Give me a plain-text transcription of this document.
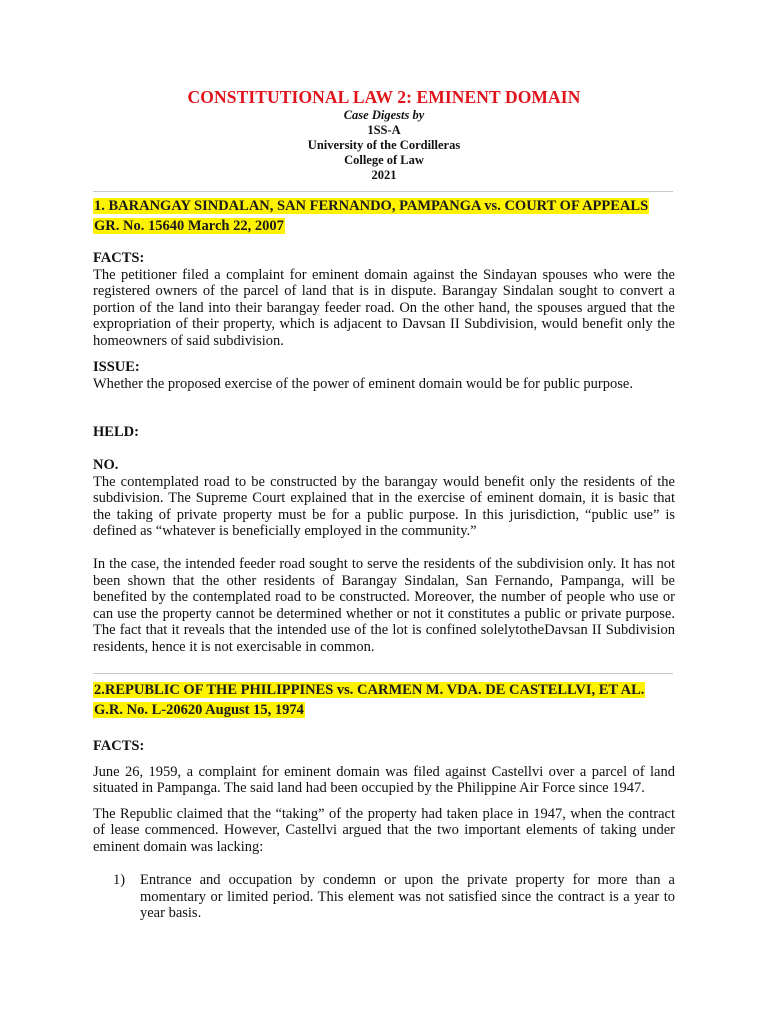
CONSTITUTIONAL LAW 2: EMINENT DOMAIN
Case Digests by
1SS-A
University of the Cordilleras
College of Law
2021
1. BARANGAY SINDALAN, SAN FERNANDO, PAMPANGA vs. COURT OF APPEALS
GR. No. 15640 March 22, 2007

FACTS:

The petitioner filed a complaint for eminent domain against the Sindayan spouses who were the registered owners of the parcel of land that is in dispute. Barangay Sindalan sought to convert a portion of the land into their barangay feeder road. On the other hand, the spouses argued that the expropriation of their property, which is adjacent to Davsan II Subdivision, would benefit only the homeowners of said subdivision.

ISSUE:

Whether the proposed exercise of the power of eminent domain would be for public purpose.

HELD:

NO.

The contemplated road to be constructed by the barangay would benefit only the residents of the subdivision. The Supreme Court explained that in the exercise of eminent domain, it is basic that the taking of private property must be for a public purpose. In this jurisdiction, “public use” is defined as “whatever is beneficially employed in the community.”

In the case, the intended feeder road sought to serve the residents of the subdivision only. It has not been shown that the other residents of Barangay Sindalan, San Fernando, Pampanga, will be benefited by the contemplated road to be constructed. Moreover, the number of people who use or can use the property cannot be determined whether or not it constitutes a public or private purpose. The fact that it reveals that the intended use of the lot is confined solelytotheDavsan II Subdivision residents, hence it is not exercisable in common.

2.REPUBLIC OF THE PHILIPPINES vs. CARMEN M. VDA. DE CASTELLVI, ET AL.
G.R. No. L-20620 August 15, 1974

FACTS:

June 26, 1959, a complaint for eminent domain was filed against Castellvi over a parcel of land situated in Pampanga. The said land had been occupied by the Philippine Air Force since 1947.

The Republic claimed that the “taking” of the property had taken place in 1947, when the contract of lease commenced. However, Castellvi argued that the two important elements of taking under eminent domain was lacking:

1)	Entrance and occupation by condemn or upon the private property for more than a momentary or limited period. This element was not satisfied since the contract is a year to year basis.
